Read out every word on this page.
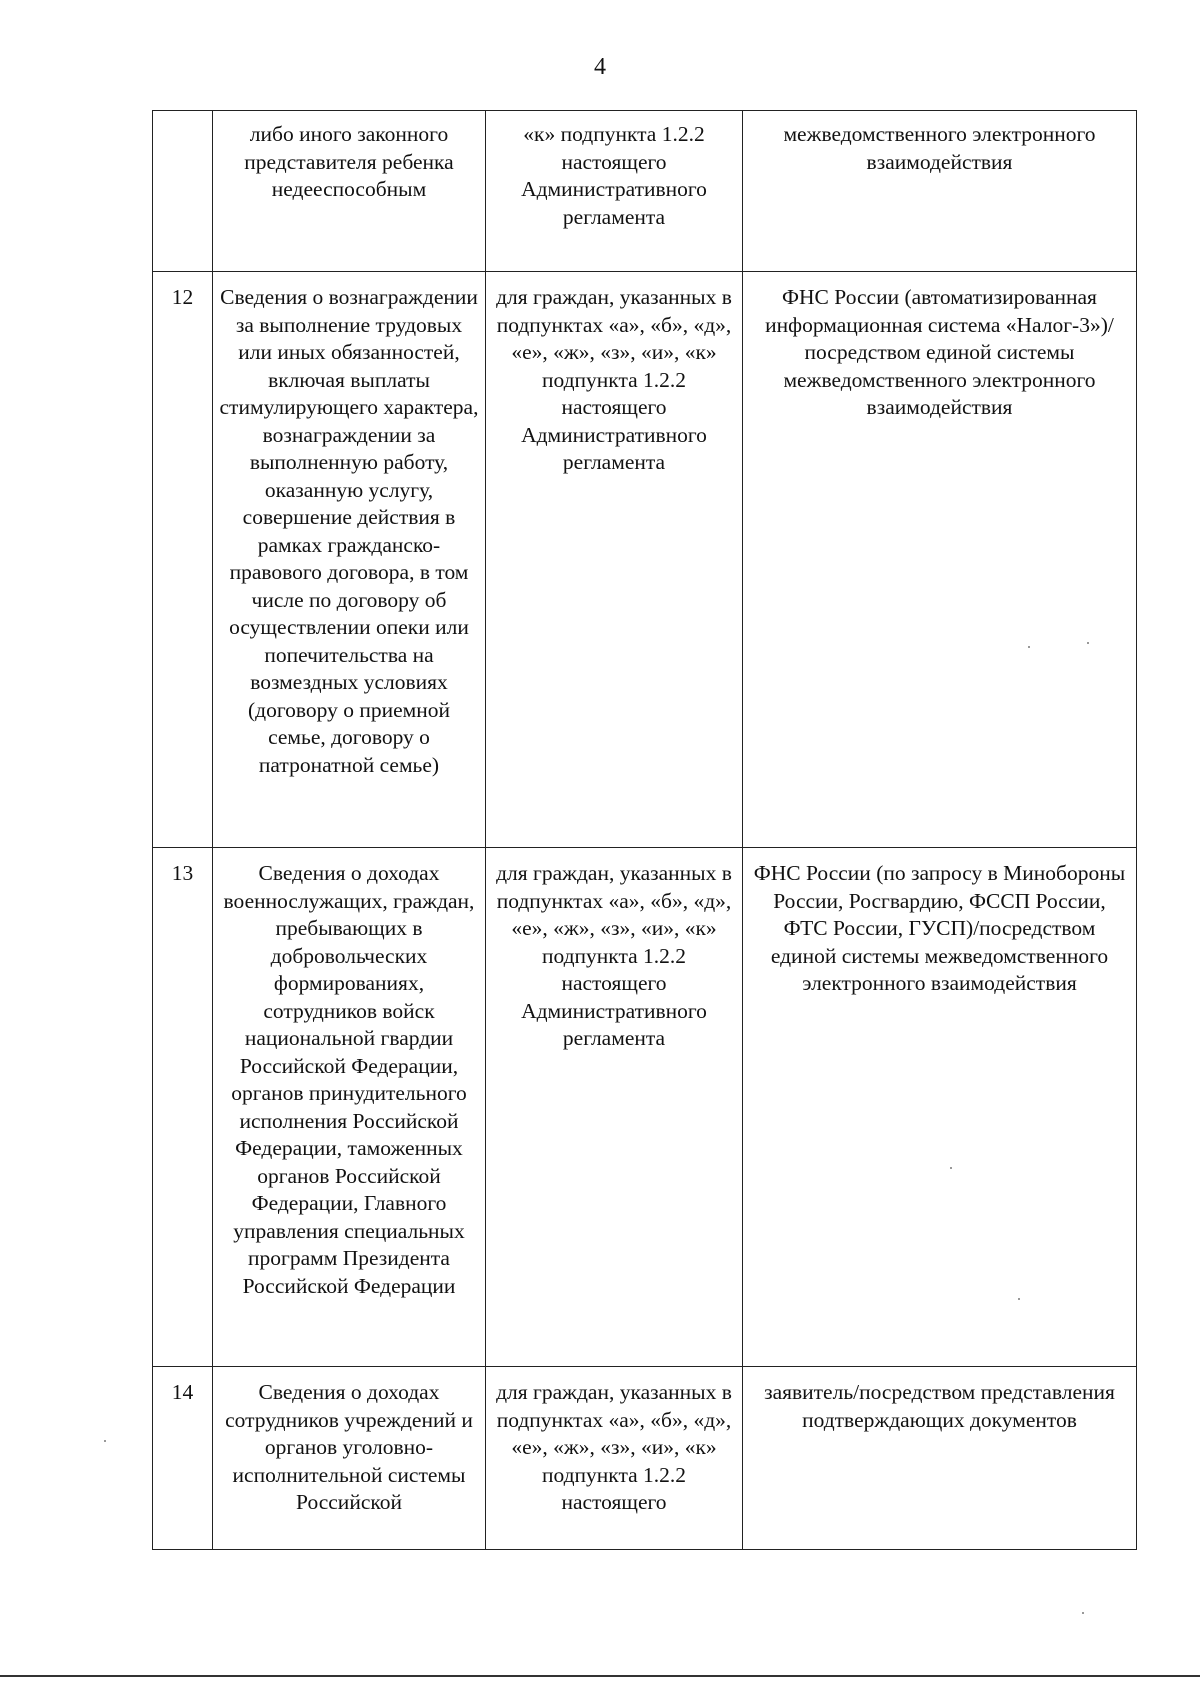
4
	либо иного законного представителя ребенка недееспособным	«к» подпункта 1.2.2 настоящего Административного регламента	межведомственного электронного взаимодействия
12	Сведения о вознаграждении за выполнение трудовых или иных обязанностей, включая выплаты стимулирующего характера, вознаграждении за выполненную работу, оказанную услугу, совершение действия в рамках гражданско-правового договора, в том числе по договору об осуществлении опеки или попечительства на возмездных условиях (договору о приемной семье, договору о патронатной семье)	для граждан, указанных в подпунктах «а», «б», «д», «е», «ж», «з», «и», «к» подпункта 1.2.2 настоящего Административного регламента	ФНС России (автоматизированная информационная система «Налог-3»)/посредством единой системы межведомственного электронного взаимодействия
13	Сведения о доходах военнослужащих, граждан, пребывающих в добровольческих формированиях, сотрудников войск национальной гвардии Российской Федерации, органов принудительного исполнения Российской Федерации, таможенных органов Российской Федерации, Главного управления специальных программ Президента Российской Федерации	для граждан, указанных в подпунктах «а», «б», «д», «е», «ж», «з», «и», «к» подпункта 1.2.2 настоящего Административного регламента	ФНС России (по запросу в Минобороны России, Росгвардию, ФССП России, ФТС России, ГУСП)/посредством единой системы межведомственного электронного взаимодействия
14	Сведения о доходах сотрудников учреждений и органов уголовно-исполнительной системы Российской	для граждан, указанных в подпунктах «а», «б», «д», «е», «ж», «з», «и», «к» подпункта 1.2.2 настоящего	заявитель/посредством представления подтверждающих документов
